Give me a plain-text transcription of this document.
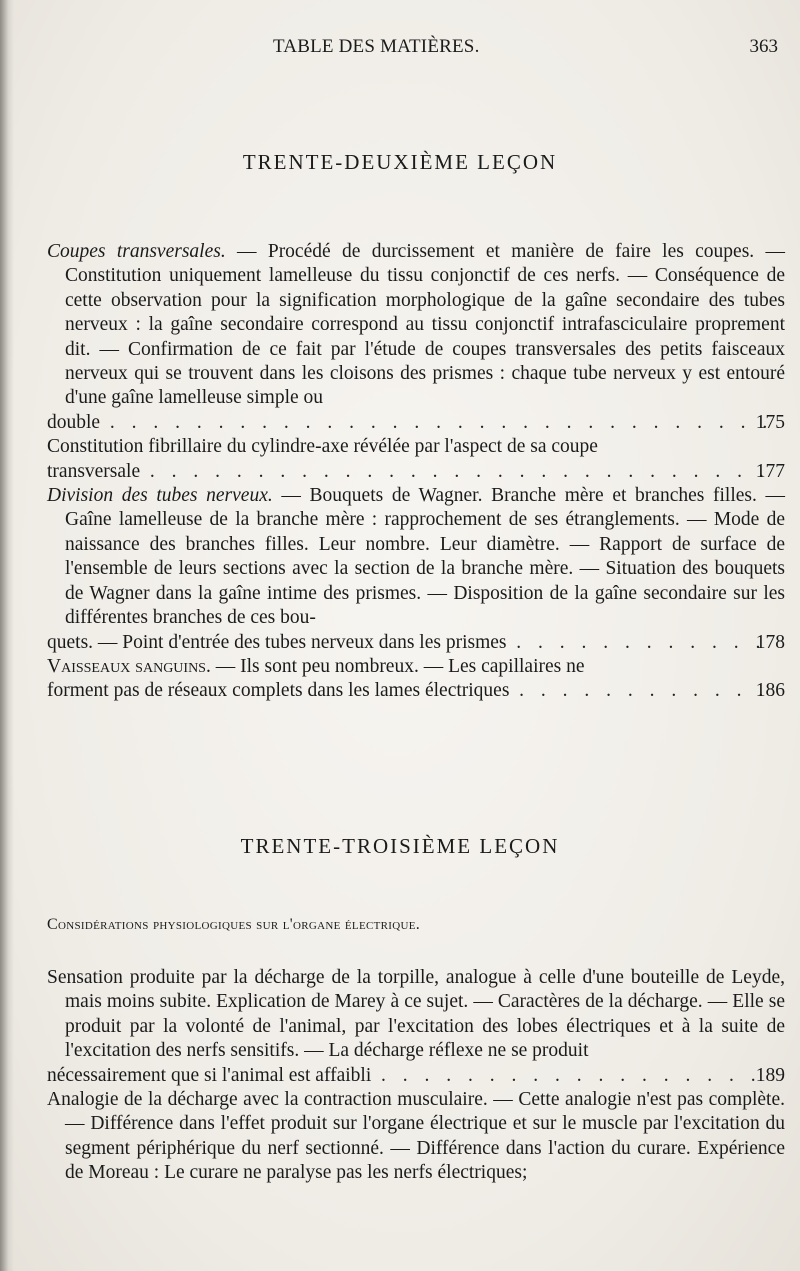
TABLE DES MATIÈRES.	363
TRENTE-DEUXIÈME LEÇON
Coupes transversales. — Procédé de durcissement et manière de faire les coupes. — Constitution uniquement lamelleuse du tissu conjonctif de ces nerfs. — Conséquence de cette observation pour la signification morphologique de la gaîne secondaire des tubes nerveux : la gaîne secondaire correspond au tissu conjonctif intrafasciculaire proprement dit. — Confirmation de ce fait par l'étude de coupes transversales des petits faisceaux nerveux qui se trouvent dans les cloisons des prismes : chaque tube nerveux y est entouré d'une gaîne lamelleuse simple ou
double . . .	175
Constitution fibrillaire du cylindre-axe révélée par l'aspect de sa coupe
transversale . . .	177
Division des tubes nerveux. — Bouquets de Wagner. Branche mère et branches filles. — Gaîne lamelleuse de la branche mère : rapprochement de ses étranglements. — Mode de naissance des branches filles. Leur nombre. Leur diamètre. — Rapport de surface de l'ensemble de leurs sections avec la section de la branche mère. — Situation des bouquets de Wagner dans la gaîne intime des prismes. — Disposition de la gaîne secondaire sur les différentes branches de ces bou-
quets. — Point d'entrée des tubes nerveux dans les prismes . . .	178
Vaisseaux sanguins. — Ils sont peu nombreux. — Les capillaires ne
forment pas de réseaux complets dans les lames électriques . . .	186
TRENTE-TROISIÈME LEÇON
Considérations physiologiques sur l'organe électrique.
Sensation produite par la décharge de la torpille, analogue à celle d'une bouteille de Leyde, mais moins subite. Explication de Marey à ce sujet. — Caractères de la décharge. — Elle se produit par la volonté de l'animal, par l'excitation des lobes électriques et à la suite de l'excitation des nerfs sensitifs. — La décharge réflexe ne se produit
nécessairement que si l'animal est affaibli . . .	189
Analogie de la décharge avec la contraction musculaire. — Cette analogie n'est pas complète. — Différence dans l'effet produit sur l'organe électrique et sur le muscle par l'excitation du segment périphérique du nerf sectionné. — Différence dans l'action du curare. Expérience de Moreau : Le curare ne paralyse pas les nerfs électriques;
